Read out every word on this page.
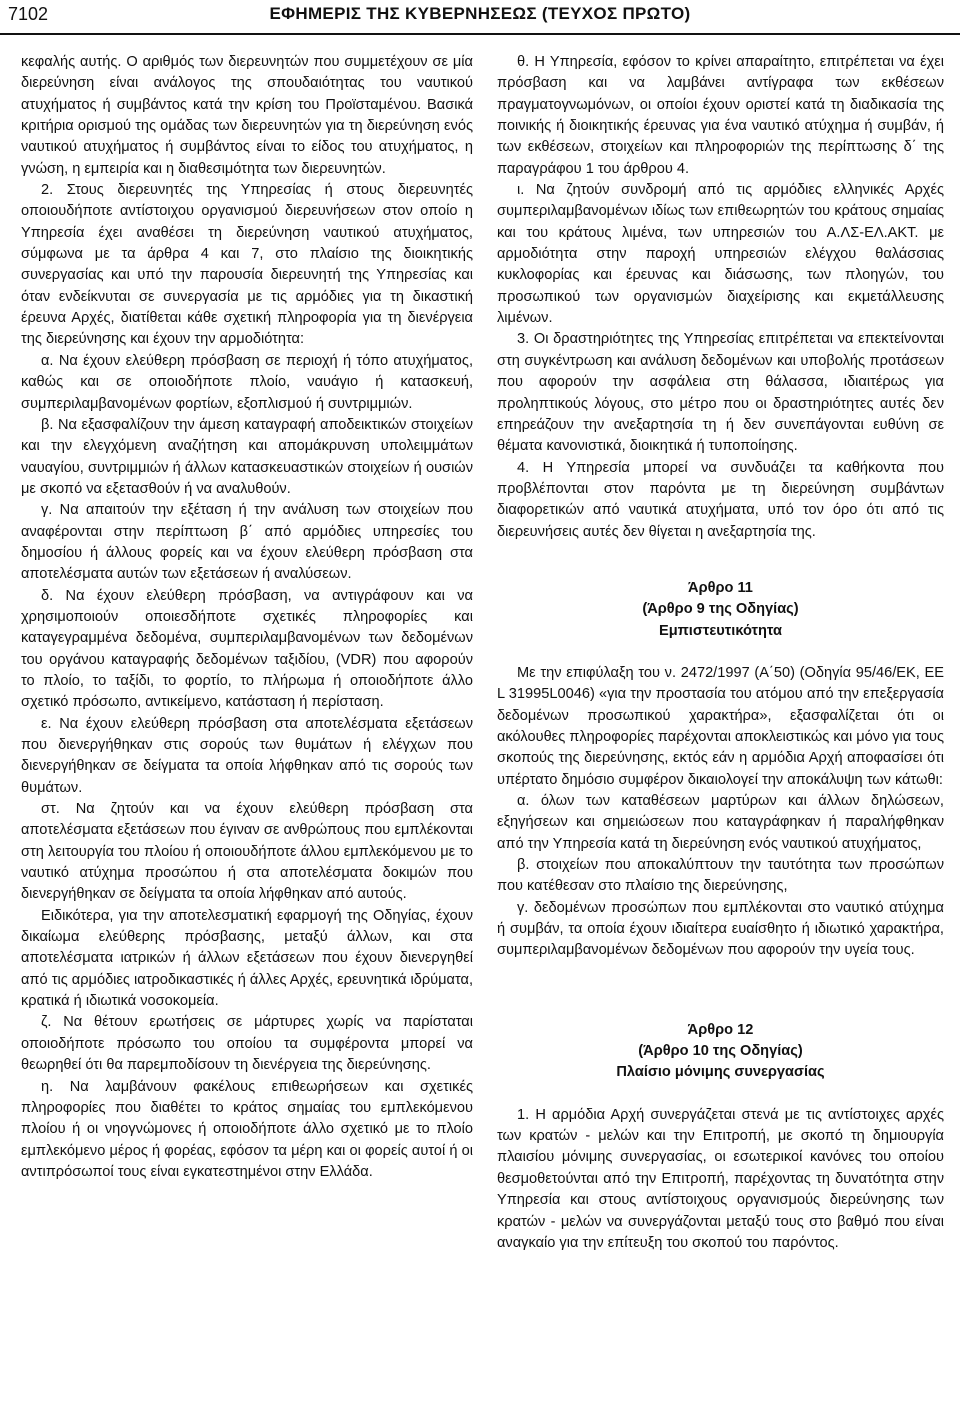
7102	ΕΦΗΜΕΡΙΣ ΤΗΣ ΚΥΒΕΡΝΗΣΕΩΣ (ΤΕΥΧΟΣ ΠΡΩΤΟ)

κεφαλής αυτής. Ο αριθμός των διερευνητών που συμμετέχουν σε μία διερεύνηση είναι ανάλογος της σπουδαιότητας του ναυτικού ατυχήματος ή συμβάντος κατά την κρίση του Προϊσταμένου. Βασικά κριτήρια ορισμού της ομάδας των διερευνητών για τη διερεύνηση ενός ναυτικού ατυχήματος ή συμβάντος είναι το είδος του ατυχήματος, η γνώση, η εμπειρία και η διαθεσιμότητα των διερευνητών.

2. Στους διερευνητές της Υπηρεσίας ή στους διερευνητές οποιουδήποτε αντίστοιχου οργανισμού διερευνήσεων στον οποίο η Υπηρεσία έχει αναθέσει τη διερεύνηση ναυτικού ατυχήματος, σύμφωνα με τα άρθρα 4 και 7, στο πλαίσιο της διοικητικής συνεργασίας και υπό την παρουσία διερευνητή της Υπηρεσίας και όταν ενδείκνυται σε συνεργασία με τις αρμόδιες για τη δικαστική έρευνα Αρχές, διατίθεται κάθε σχετική πληροφορία για τη διενέργεια της διερεύνησης και έχουν την αρμοδιότητα:

α. Να έχουν ελεύθερη πρόσβαση σε περιοχή ή τόπο ατυχήματος, καθώς και σε οποιοδήποτε πλοίο, ναυάγιο ή κατασκευή, συμπεριλαμβανομένων φορτίων, εξοπλισμού ή συντριμμιών.

β. Να εξασφαλίζουν την άμεση καταγραφή αποδεικτικών στοιχείων και την ελεγχόμενη αναζήτηση και απομάκρυνση υπολειμμάτων ναυαγίου, συντριμμιών ή άλλων κατασκευαστικών στοιχείων ή ουσιών με σκοπό να εξετασθούν ή να αναλυθούν.

γ. Να απαιτούν την εξέταση ή την ανάλυση των στοιχείων που αναφέρονται στην περίπτωση β΄ από αρμόδιες υπηρεσίες του δημοσίου ή άλλους φορείς και να έχουν ελεύθερη πρόσβαση στα αποτελέσματα αυτών των εξετάσεων ή αναλύσεων.

δ. Να έχουν ελεύθερη πρόσβαση, να αντιγράφουν και να χρησιμοποιούν οποιεσδήποτε σχετικές πληροφορίες και καταγεγραμμένα δεδομένα, συμπεριλαμβανομένων των δεδομένων του οργάνου καταγραφής δεδομένων ταξιδίου, (VDR) που αφορούν το πλοίο, το ταξίδι, το φορτίο, το πλήρωμα ή οποιοδήποτε άλλο σχετικό πρόσωπο, αντικείμενο, κατάσταση ή περίσταση.

ε. Να έχουν ελεύθερη πρόσβαση στα αποτελέσματα εξετάσεων που διενεργήθηκαν στις σορούς των θυμάτων ή ελέγχων που διενεργήθηκαν σε δείγματα τα οποία λήφθηκαν από τις σορούς των θυμάτων.

στ. Να ζητούν και να έχουν ελεύθερη πρόσβαση στα αποτελέσματα εξετάσεων που έγιναν σε ανθρώπους που εμπλέκονται στη λειτουργία του πλοίου ή οποιουδήποτε άλλου εμπλεκόμενου με το ναυτικό ατύχημα προσώπου ή στα αποτελέσματα δοκιμών που διενεργήθηκαν σε δείγματα τα οποία λήφθηκαν από αυτούς.

Ειδικότερα, για την αποτελεσματική εφαρμογή της Οδηγίας, έχουν δικαίωμα ελεύθερης πρόσβασης, μεταξύ άλλων, και στα αποτελέσματα ιατρικών ή άλλων εξετάσεων που έχουν διενεργηθεί από τις αρμόδιες ιατροδικαστικές ή άλλες Αρχές, ερευνητικά ιδρύματα, κρατικά ή ιδιωτικά νοσοκομεία.

ζ. Να θέτουν ερωτήσεις σε μάρτυρες χωρίς να παρίσταται οποιοδήποτε πρόσωπο του οποίου τα συμφέροντα μπορεί να θεωρηθεί ότι θα παρεμποδίσουν τη διενέργεια της διερεύνησης.

η. Να λαμβάνουν φακέλους επιθεωρήσεων και σχετικές πληροφορίες που διαθέτει το κράτος σημαίας του εμπλεκόμενου πλοίου ή οι νηογνώμονες ή οποιοδήποτε άλλο σχετικό με το πλοίο εμπλεκόμενο μέρος ή φορέας, εφόσον τα μέρη και οι φορείς αυτοί ή οι αντιπρόσωποί τους είναι εγκατεστημένοι στην Ελλάδα.

θ. Η Υπηρεσία, εφόσον το κρίνει απαραίτητο, επιτρέπεται να έχει πρόσβαση και να λαμβάνει αντίγραφα των εκθέσεων πραγματογνωμόνων, οι οποίοι έχουν οριστεί κατά τη διαδικασία της ποινικής ή διοικητικής έρευνας για ένα ναυτικό ατύχημα ή συμβάν, ή των εκθέσεων, στοιχείων και πληροφοριών της περίπτωσης δ΄ της παραγράφου 1 του άρθρου 4.

ι. Να ζητούν συνδρομή από τις αρμόδιες ελληνικές Αρχές συμπεριλαμβανομένων ιδίως των επιθεωρητών του κράτους σημαίας και του κράτους λιμένα, των υπηρεσιών του Α.ΛΣ-ΕΛ.ΑΚΤ. με αρμοδιότητα στην παροχή υπηρεσιών ελέγχου θαλάσσιας κυκλοφορίας και έρευνας και διάσωσης, των πλοηγών, του προσωπικού των οργανισμών διαχείρισης και εκμετάλλευσης λιμένων.

3. Οι δραστηριότητες της Υπηρεσίας επιτρέπεται να επεκτείνονται στη συγκέντρωση και ανάλυση δεδομένων και υποβολής προτάσεων που αφορούν την ασφάλεια στη θάλασσα, ιδιαιτέρως για προληπτικούς λόγους, στο μέτρο που οι δραστηριότητες αυτές δεν επηρεάζουν την ανεξαρτησία τη ή δεν συνεπάγονται ευθύνη σε θέματα κανονιστικά, διοικητικά ή τυποποίησης.

4. Η Υπηρεσία μπορεί να συνδυάζει τα καθήκοντα που προβλέπονται στον παρόντα με τη διερεύνηση συμβάντων διαφορετικών από ναυτικά ατυχήματα, υπό τον όρο ότι από τις διερευνήσεις αυτές δεν θίγεται η ανεξαρτησία της.

Άρθρο 11
(Άρθρο 9 της Οδηγίας)
Εμπιστευτικότητα

Με την επιφύλαξη του ν. 2472/1997 (Α΄50) (Οδηγία 95/46/ΕΚ, ΕΕ L 31995L0046) «για την προστασία του ατόμου από την επεξεργασία δεδομένων προσωπικού χαρακτήρα», εξασφαλίζεται ότι οι ακόλουθες πληροφορίες παρέχονται αποκλειστικώς και μόνο για τους σκοπούς της διερεύνησης, εκτός εάν η αρμόδια Αρχή αποφασίσει ότι υπέρτατο δημόσιο συμφέρον δικαιολογεί την αποκάλυψη των κάτωθι:

α. όλων των καταθέσεων μαρτύρων και άλλων δηλώσεων, εξηγήσεων και σημειώσεων που καταγράφηκαν ή παραλήφθηκαν από την Υπηρεσία κατά τη διερεύνηση ενός ναυτικού ατυχήματος,

β. στοιχείων που αποκαλύπτουν την ταυτότητα των προσώπων που κατέθεσαν στο πλαίσιο της διερεύνησης,

γ. δεδομένων προσώπων που εμπλέκονται στο ναυτικό ατύχημα ή συμβάν, τα οποία έχουν ιδιαίτερα ευαίσθητο ή ιδιωτικό χαρακτήρα, συμπεριλαμβανομένων δεδομένων που αφορούν την υγεία τους.

Άρθρο 12
(Άρθρο 10 της Οδηγίας)
Πλαίσιο μόνιμης συνεργασίας

1. Η αρμόδια Αρχή συνεργάζεται στενά με τις αντίστοιχες αρχές των κρατών - μελών και την Επιτροπή, με σκοπό τη δημιουργία πλαισίου μόνιμης συνεργασίας, οι εσωτερικοί κανόνες του οποίου θεσμοθετούνται από την Επιτροπή, παρέχοντας τη δυνατότητα στην Υπηρεσία και στους αντίστοιχους οργανισμούς διερεύνησης των κρατών - μελών να συνεργάζονται μεταξύ τους στο βαθμό που είναι αναγκαίο για την επίτευξη του σκοπού του παρόντος.
